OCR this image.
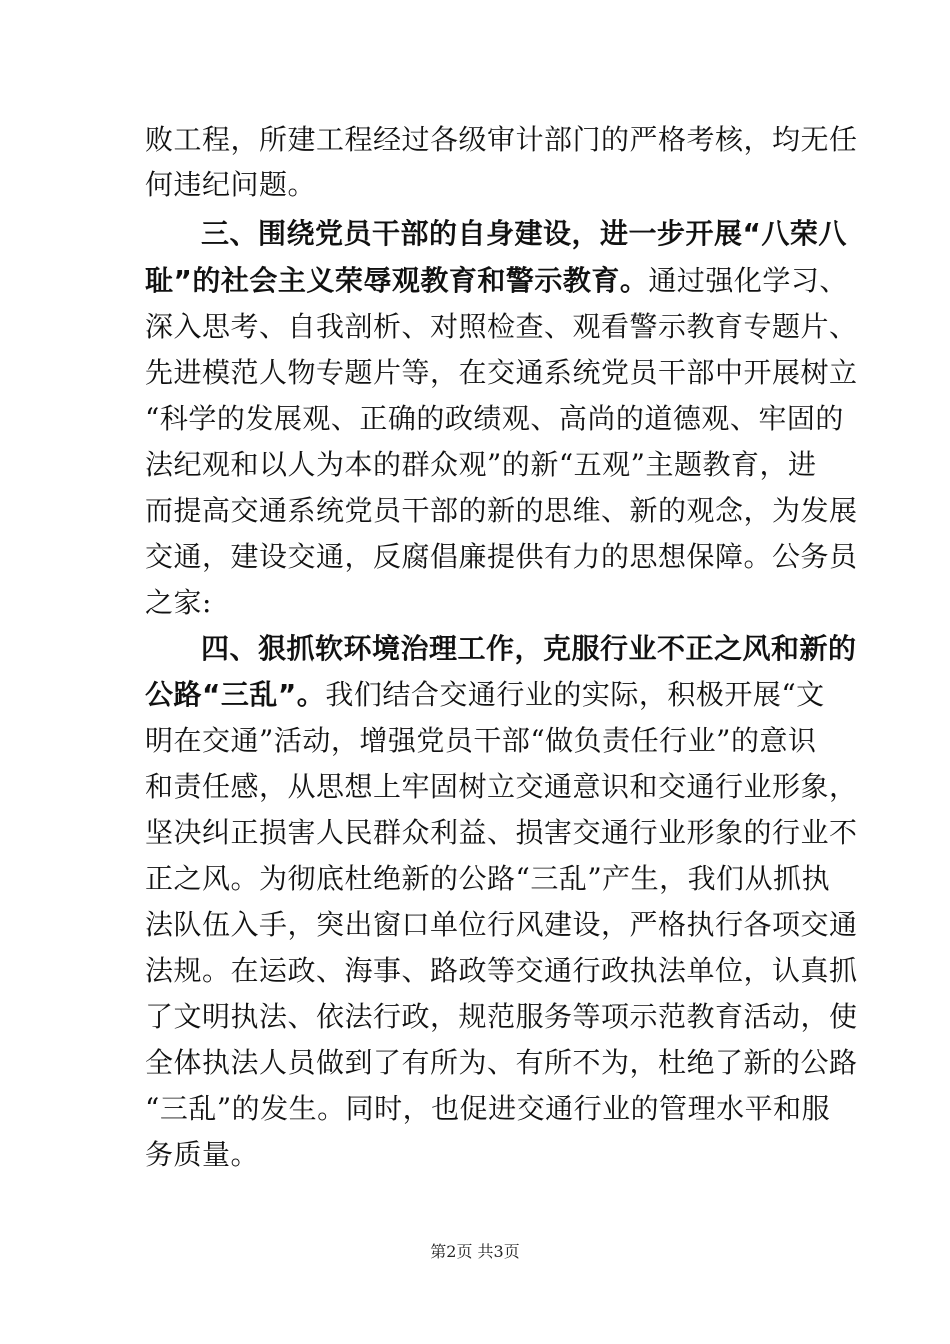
败工程，所建工程经过各级审计部门的严格考核，均无任
何违纪问题。
三、围绕党员干部的自身建设，进一步开展“八荣八
耻”的社会主义荣辱观教育和警示教育。通过强化学习、
深入思考、自我剖析、对照检查、观看警示教育专题片、
先进模范人物专题片等，在交通系统党员干部中开展树立
“科学的发展观、正确的政绩观、高尚的道德观、牢固的
法纪观和以人为本的群众观”的新“五观”主题教育，进
而提高交通系统党员干部的新的思维、新的观念，为发展
交通，建设交通，反腐倡廉提供有力的思想保障。公务员
之家:
四、狠抓软环境治理工作，克服行业不正之风和新的
公路“三乱”。我们结合交通行业的实际，积极开展“文
明在交通”活动，增强党员干部“做负责任行业”的意识
和责任感，从思想上牢固树立交通意识和交通行业形象，
坚决纠正损害人民群众利益、损害交通行业形象的行业不
正之风。为彻底杜绝新的公路“三乱”产生，我们从抓执
法队伍入手，突出窗口单位行风建设，严格执行各项交通
法规。在运政、海事、路政等交通行政执法单位，认真抓
了文明执法、依法行政，规范服务等项示范教育活动，使
全体执法人员做到了有所为、有所不为，杜绝了新的公路
“三乱”的发生。同时，也促进交通行业的管理水平和服
务质量。
第2页 共3页
